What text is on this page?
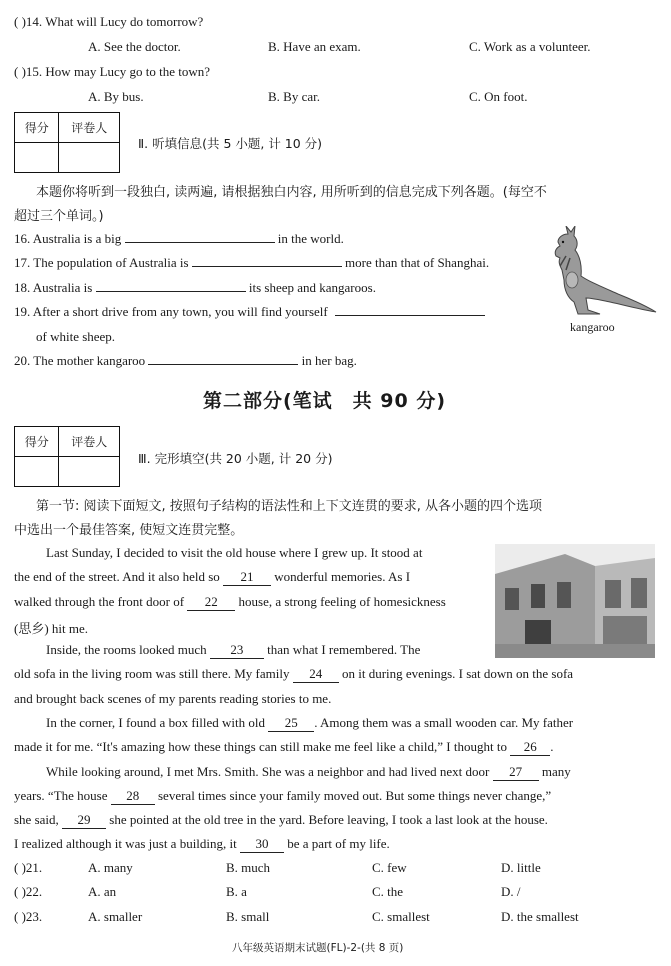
( )14. What will Lucy do tomorrow?
A. See the doctor.	B. Have an exam.	C. Work as a volunteer.
( )15. How may Lucy go to the town?
A. By bus.	B. By car.	C. On foot.
得分	评卷人

Ⅱ. 听填信息(共 5 小题, 计 10 分)
本题你将听到一段独白, 读两遍, 请根据独白内容, 用所听到的信息完成下列各题。(每空不
超过三个单词。)
16. Australia is a big	in the world.
17. The population of Australia is	more than that of Shanghai.
18. Australia is	its sheep and kangaroos.
19. After a short drive from any town, you will find yourself
of white sheep.
20. The mother kangaroo	in her bag.
kangaroo
第二部分(笔试　共 90 分)
得分	评卷人

Ⅲ. 完形填空(共 20 小题, 计 20 分)
第一节: 阅读下面短文, 按照句子结构的语法性和上下文连贯的要求, 从各小题的四个选项
中选出一个最佳答案, 使短文连贯完整。
Last Sunday, I decided to visit the old house where I grew up. It stood at
the end of the street. And it also held so 21 wonderful memories. As I
walked through the front door of 22 house, a strong feeling of homesickness
(思乡) hit me.
Inside, the rooms looked much 23 than what I remembered. The
old sofa in the living room was still there. My family 24 on it during evenings. I sat down on the sofa
and brought back scenes of my parents reading stories to me.
In the corner, I found a box filled with old 25 . Among them was a small wooden car. My father
made it for me. “It's amazing how these things can still make me feel like a child,” I thought to 26 .
While looking around, I met Mrs. Smith. She was a neighbor and had lived next door 27 many
years. “The house 28 several times since your family moved out. But some things never change,”
she said, 29 she pointed at the old tree in the yard. Before leaving, I took a last look at the house.
I realized although it was just a building, it 30 be a part of my life.
( )21.	A. many	B. much	C. few	D. little
( )22.	A. an	B. a	C. the	D. /
( )23.	A. smaller	B. small	C. smallest	D. the smallest
八年级英语期末试题(FL)-2-(共 8 页)
